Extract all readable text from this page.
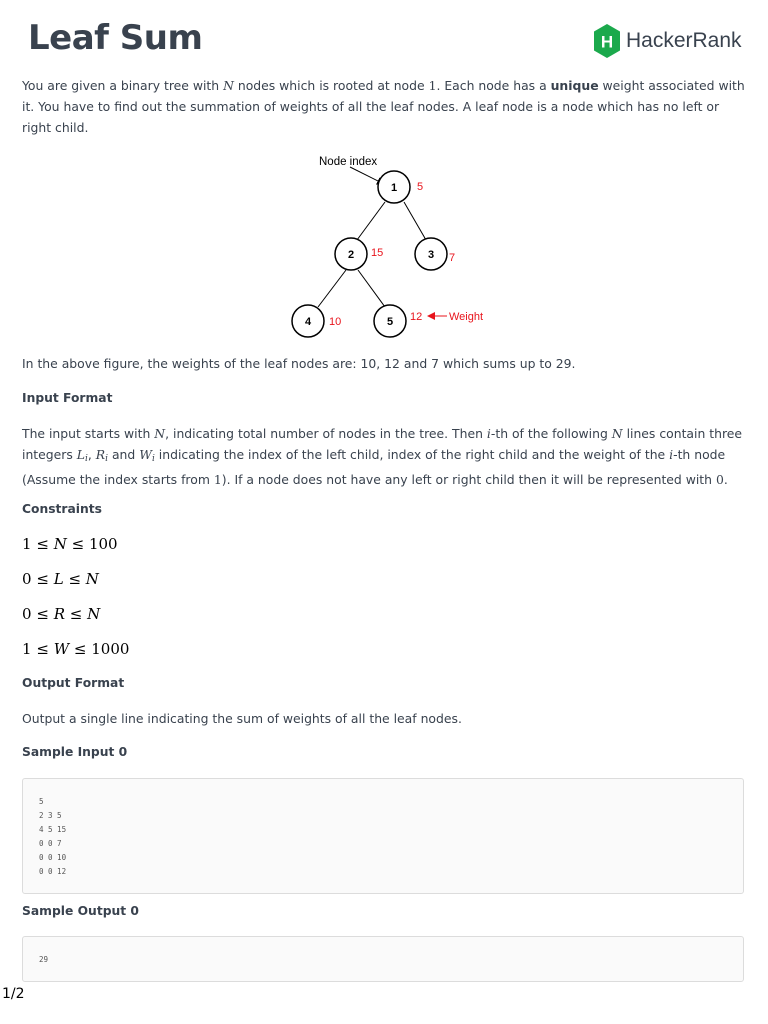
Leaf Sum	H HackerRank
You are given a binary tree with N nodes which is rooted at node 1. Each node has a unique weight associated with it. You have to find out the summation of weights of all the leaf nodes. A leaf node is a node which has no left or right child.
Node index
1 5
2 15	3 7
4 10	5 12 Weight
In the above figure, the weights of the leaf nodes are: 10, 12 and 7 which sums up to 29.
Input Format
The input starts with N, indicating total number of nodes in the tree. Then i-th of the following N lines contain three integers $L_i$, $R_i$ and $W_i$ indicating the index of the left child, index of the right child and the weight of the i-th node (Assume the index starts from 1). If a node does not have any left or right child then it will be represented with 0.
Constraints
1 ≤ N ≤ 100
0 ≤ L ≤ N
0 ≤ R ≤ N
1 ≤ W ≤ 1000
Output Format
Output a single line indicating the sum of weights of all the leaf nodes.
Sample Input 0
5
2 3 5
4 5 15
0 0 7
0 0 10
0 0 12
Sample Output 0
29
1/2
